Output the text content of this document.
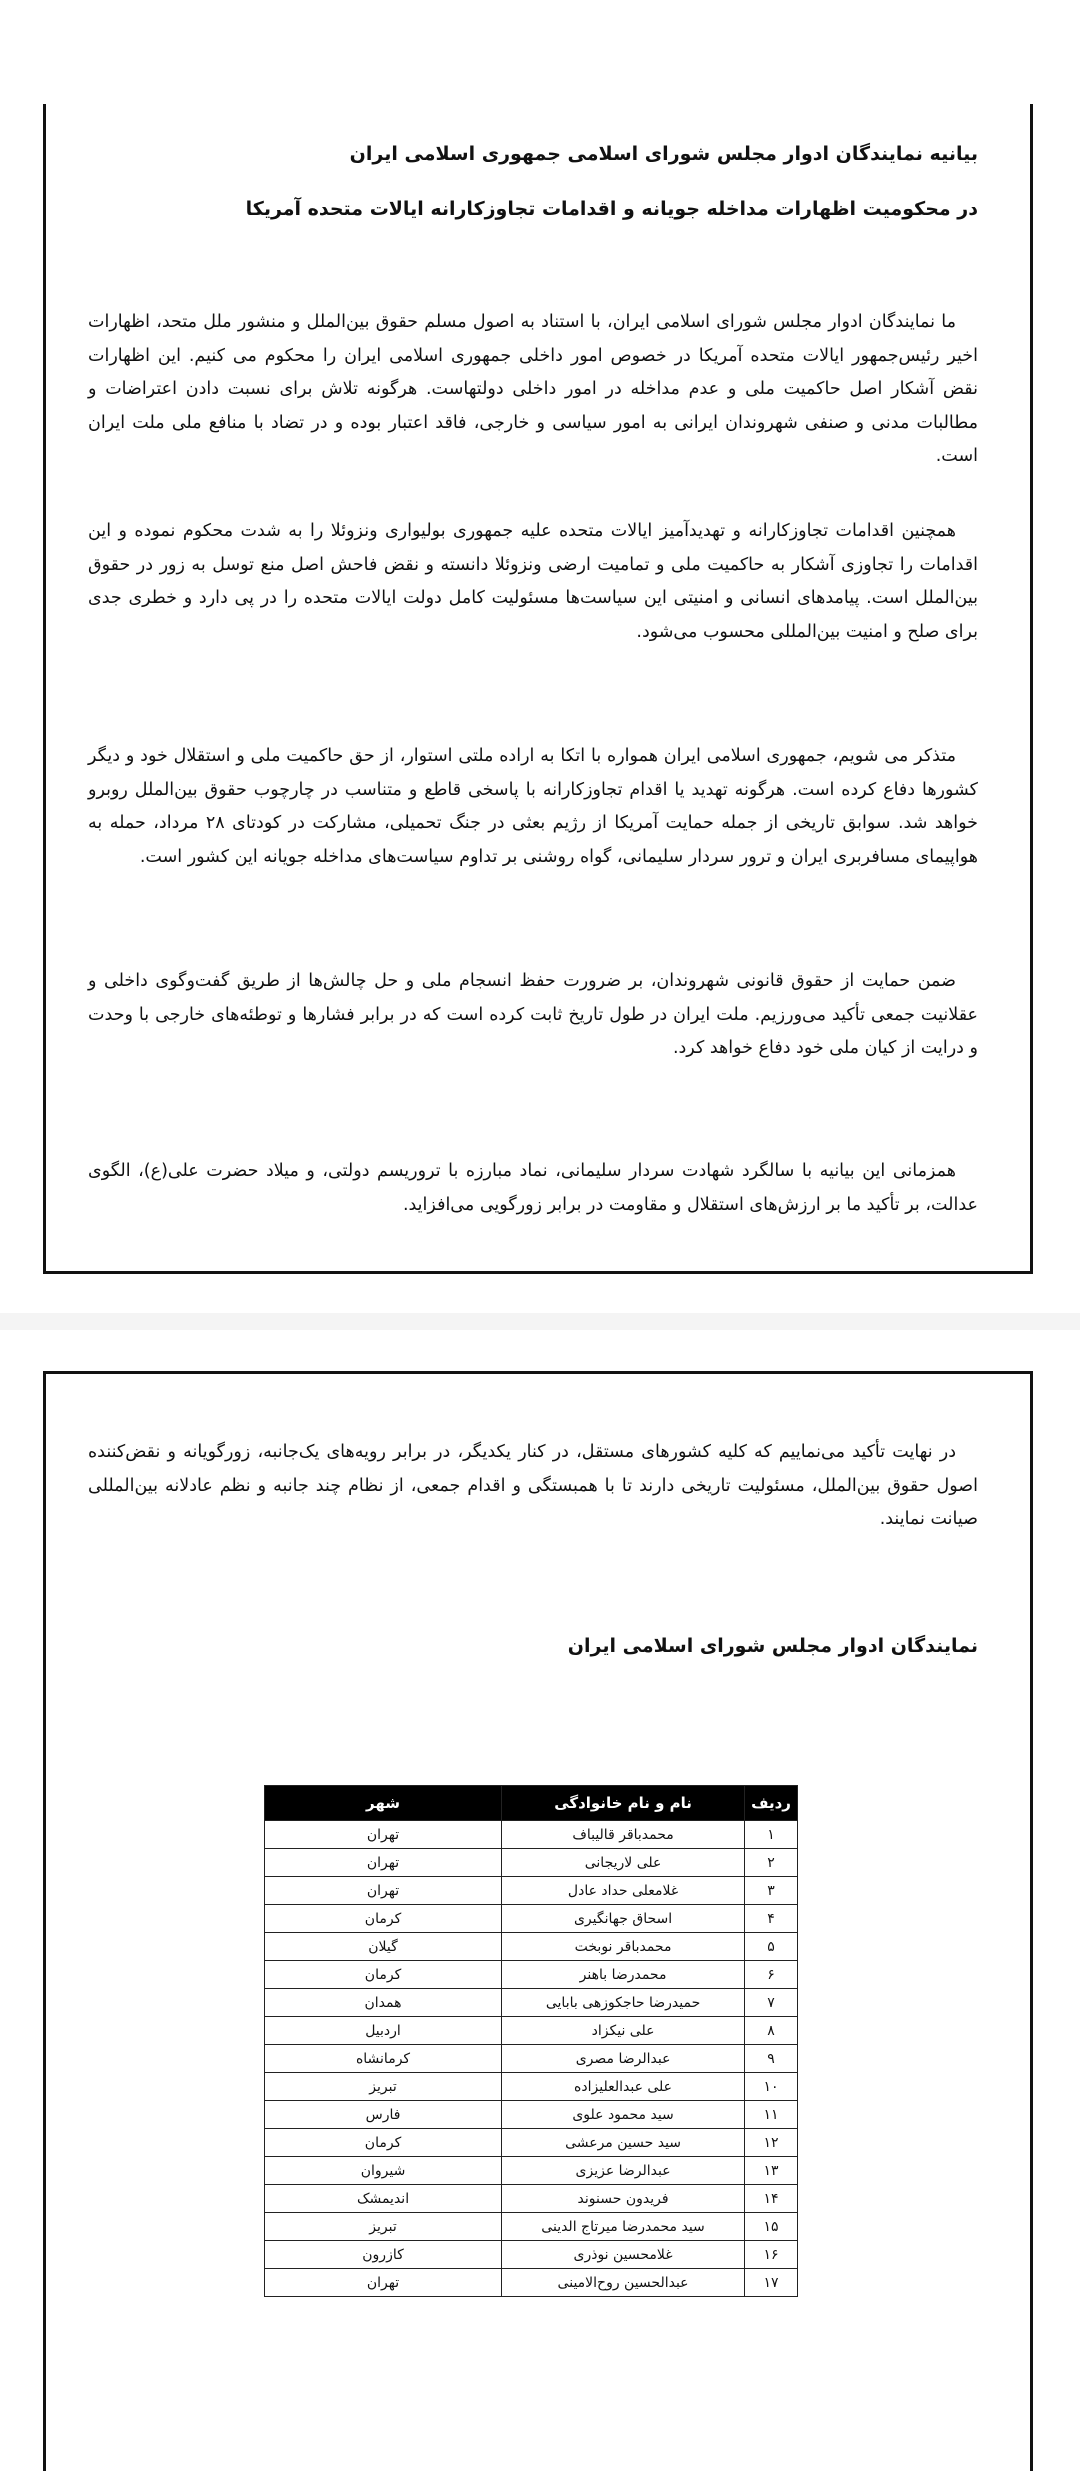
بیانیه نمایندگان ادوار مجلس شورای اسلامی جمهوری اسلامی ایران
در محکومیت اظهارات مداخله جویانه و اقدامات تجاوزکارانه ایالات متحده آمریکا
ما نمایندگان ادوار مجلس شورای اسلامی ایران، با استناد به اصول مسلم حقوق بین‌الملل و منشور ملل متحد، اظهارات اخیر رئیس‌جمهور ایالات متحده آمریکا در خصوص امور داخلی جمهوری اسلامی ایران را محکوم می کنیم. این اظهارات نقض آشکار اصل حاکمیت ملی و عدم مداخله در امور داخلی دولتهاست. هرگونه تلاش برای نسبت دادن اعتراضات و مطالبات مدنی و صنفی شهروندان ایرانی به امور سیاسی و خارجی، فاقد اعتبار بوده و در تضاد با منافع ملی ملت ایران است.
همچنین اقدامات تجاوزکارانه و تهدیدآمیز ایالات متحده علیه جمهوری بولیواری ونزوئلا را به شدت محکوم نموده و این اقدامات را تجاوزی آشکار به حاکمیت ملی و تمامیت ارضی ونزوئلا دانسته و نقض فاحش اصل منع توسل به زور در حقوق بین‌الملل است. پیامدهای انسانی و امنیتی این سیاست‌ها مسئولیت کامل دولت ایالات متحده را در پی دارد و خطری جدی برای صلح و امنیت بین‌المللی محسوب می‌شود.
متذکر می شویم، جمهوری اسلامی ایران همواره با اتکا به اراده ملتی استوار، از حق حاکمیت ملی و استقلال خود و دیگر کشورها دفاع کرده است. هرگونه تهدید یا اقدام تجاوزکارانه با پاسخی قاطع و متناسب در چارچوب حقوق بین‌الملل روبرو خواهد شد. سوابق تاریخی از جمله حمایت آمریکا از رژیم بعثی در جنگ تحمیلی، مشارکت در کودتای ۲۸ مرداد، حمله به هواپیمای مسافربری ایران و ترور سردار سلیمانی، گواه روشنی بر تداوم سیاست‌های مداخله جویانه این کشور است.
ضمن حمایت از حقوق قانونی شهروندان، بر ضرورت حفظ انسجام ملی و حل چالش‌ها از طریق گفت‌وگوی داخلی و عقلانیت جمعی تأکید می‌ورزیم. ملت ایران در طول تاریخ ثابت کرده است که در برابر فشارها و توطئه‌های خارجی با وحدت و درایت از کیان ملی خود دفاع خواهد کرد.
همزمانی این بیانیه با سالگرد شهادت سردار سلیمانی، نماد مبارزه با تروریسم دولتی، و میلاد حضرت علی(ع)، الگوی عدالت، بر تأکید ما بر ارزش‌های استقلال و مقاومت در برابر زورگویی می‌افزاید.
در نهایت تأکید می‌نماییم که کلیه کشورهای مستقل، در کنار یکدیگر، در برابر رویه‌های یک‌جانبه، زورگویانه و نقض‌کننده اصول حقوق بین‌الملل، مسئولیت تاریخی دارند تا با همبستگی و اقدام جمعی، از نظام چند جانبه و نظم عادلانه بین‌المللی صیانت نمایند.
نمایندگان ادوار مجلس شورای اسلامی ایران
ردیف	نام و نام خانوادگی	شهر
۱	محمدباقر قالیباف	تهران
۲	علی لاریجانی	تهران
۳	غلامعلی حداد عادل	تهران
۴	اسحاق جهانگیری	کرمان
۵	محمدباقر نوبخت	گیلان
۶	محمدرضا باهنر	کرمان
۷	حمیدرضا حاجکوزهی بابایی	همدان
۸	علی نیکزاد	اردبیل
۹	عبدالرضا مصری	کرمانشاه
۱۰	علی عبدالعلیزاده	تبریز
۱۱	سید محمود علوی	فارس
۱۲	سید حسین مرعشی	کرمان
۱۳	عبدالرضا عزیزی	شیروان
۱۴	فریدون حسنوند	اندیمشک
۱۵	سید محمدرضا میرتاج الدینی	تبریز
۱۶	غلامحسین نوذری	کازرون
۱۷	عبدالحسین روح‌الامینی	تهران
